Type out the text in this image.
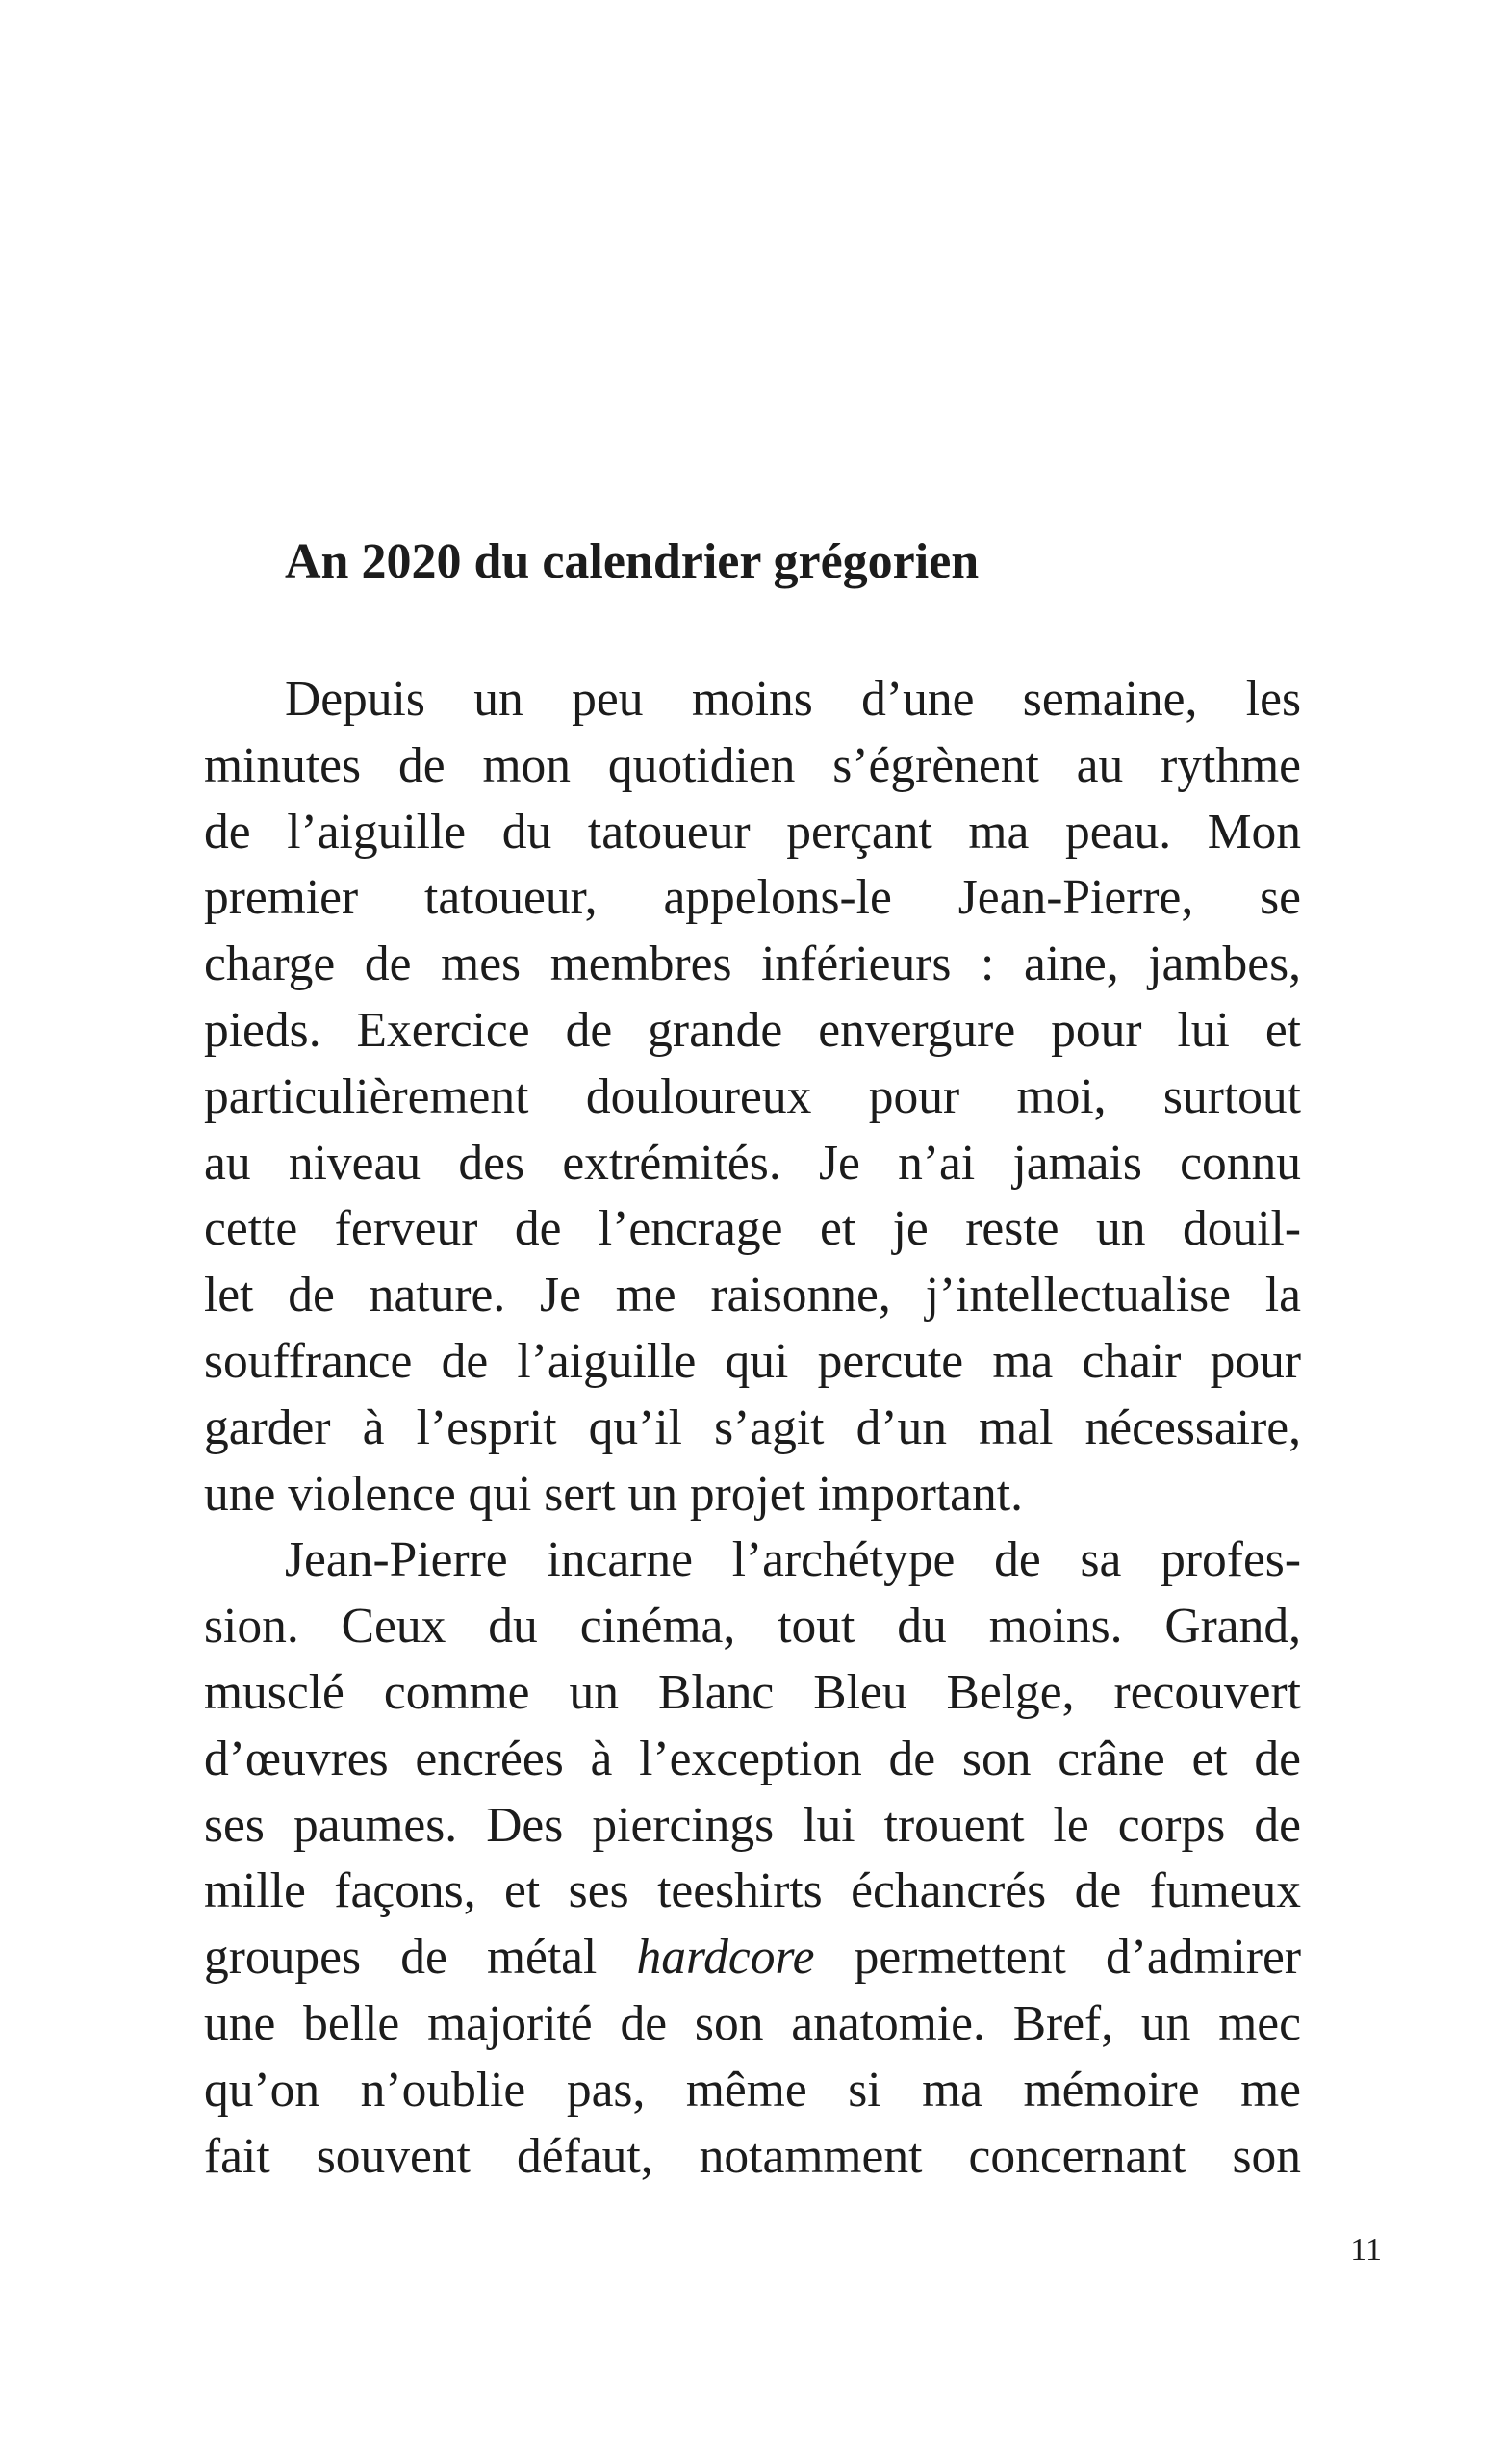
An 2020 du calendrier grégorien
Depuis un peu moins d’une semaine, les
minutes de mon quotidien s’égrènent au rythme
de l’aiguille du tatoueur perçant ma peau. Mon
premier tatoueur, appelons-le Jean-Pierre, se
charge de mes membres inférieurs : aine, jambes,
pieds. Exercice de grande envergure pour lui et
particulièrement douloureux pour moi, surtout
au niveau des extrémités. Je n’ai jamais connu
cette ferveur de l’encrage et je reste un douil-
let de nature. Je me raisonne, j’intellectualise la
souffrance de l’aiguille qui percute ma chair pour
garder à l’esprit qu’il s’agit d’un mal nécessaire,
une violence qui sert un projet important.
Jean-Pierre incarne l’archétype de sa profes-
sion. Ceux du cinéma, tout du moins. Grand,
musclé comme un Blanc Bleu Belge, recouvert
d’œuvres encrées à l’exception de son crâne et de
ses paumes. Des piercings lui trouent le corps de
mille façons, et ses teeshirts échancrés de fumeux
groupes de métal hardcore permettent d’admirer
une belle majorité de son anatomie. Bref, un mec
qu’on n’oublie pas, même si ma mémoire me
fait souvent défaut, notamment concernant son
11
